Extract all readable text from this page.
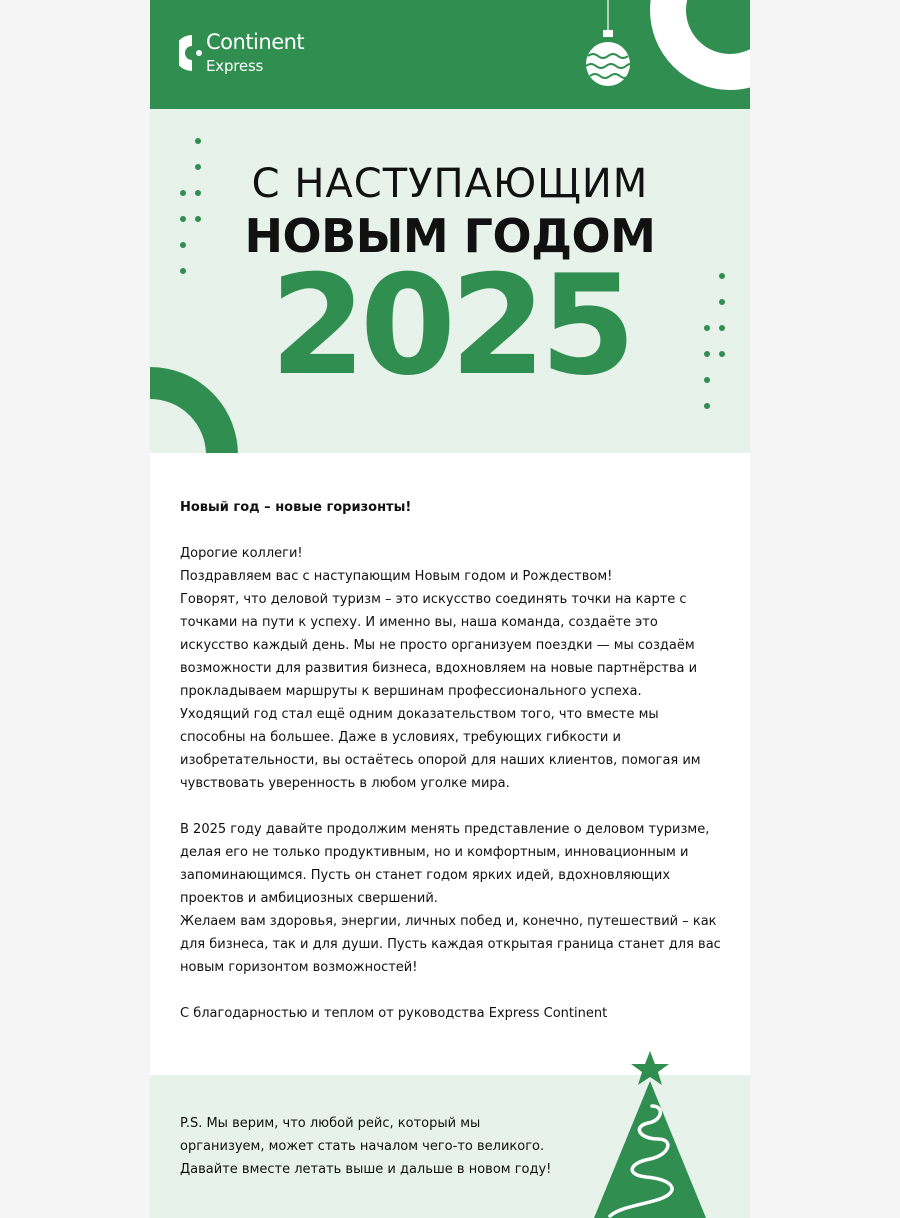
Continent
Express
С НАСТУПАЮЩИМ
НОВЫМ ГОДОМ
2025

Новый год – новые горизонты!

Дорогие коллеги!

Поздравляем вас с наступающим Новым годом и Рождеством!

Говорят, что деловой туризм – это искусство соединять точки на карте с точками на пути к успеху. И именно вы, наша команда, создаёте это искусство каждый день. Мы не просто организуем поездки — мы создаём возможности для развития бизнеса, вдохновляем на новые партнёрства и прокладываем маршруты к вершинам профессионального успеха.

Уходящий год стал ещё одним доказательством того, что вместе мы способны на большее. Даже в условиях, требующих гибкости и изобретательности, вы остаётесь опорой для наших клиентов, помогая им чувствовать уверенность в любом уголке мира.

В 2025 году давайте продолжим менять представление о деловом туризме, делая его не только продуктивным, но и комфортным, инновационным и запоминающимся. Пусть он станет годом ярких идей, вдохновляющих проектов и амбициозных свершений.

Желаем вам здоровья, энергии, личных побед и, конечно, путешествий – как для бизнеса, так и для души. Пусть каждая открытая граница станет для вас новым горизонтом возможностей!

С благодарностью и теплом от руководства Express Continent

P.S. Мы верим, что любой рейс, который мы

организуем, может стать началом чего-то великого.

Давайте вместе летать выше и дальше в новом году!
